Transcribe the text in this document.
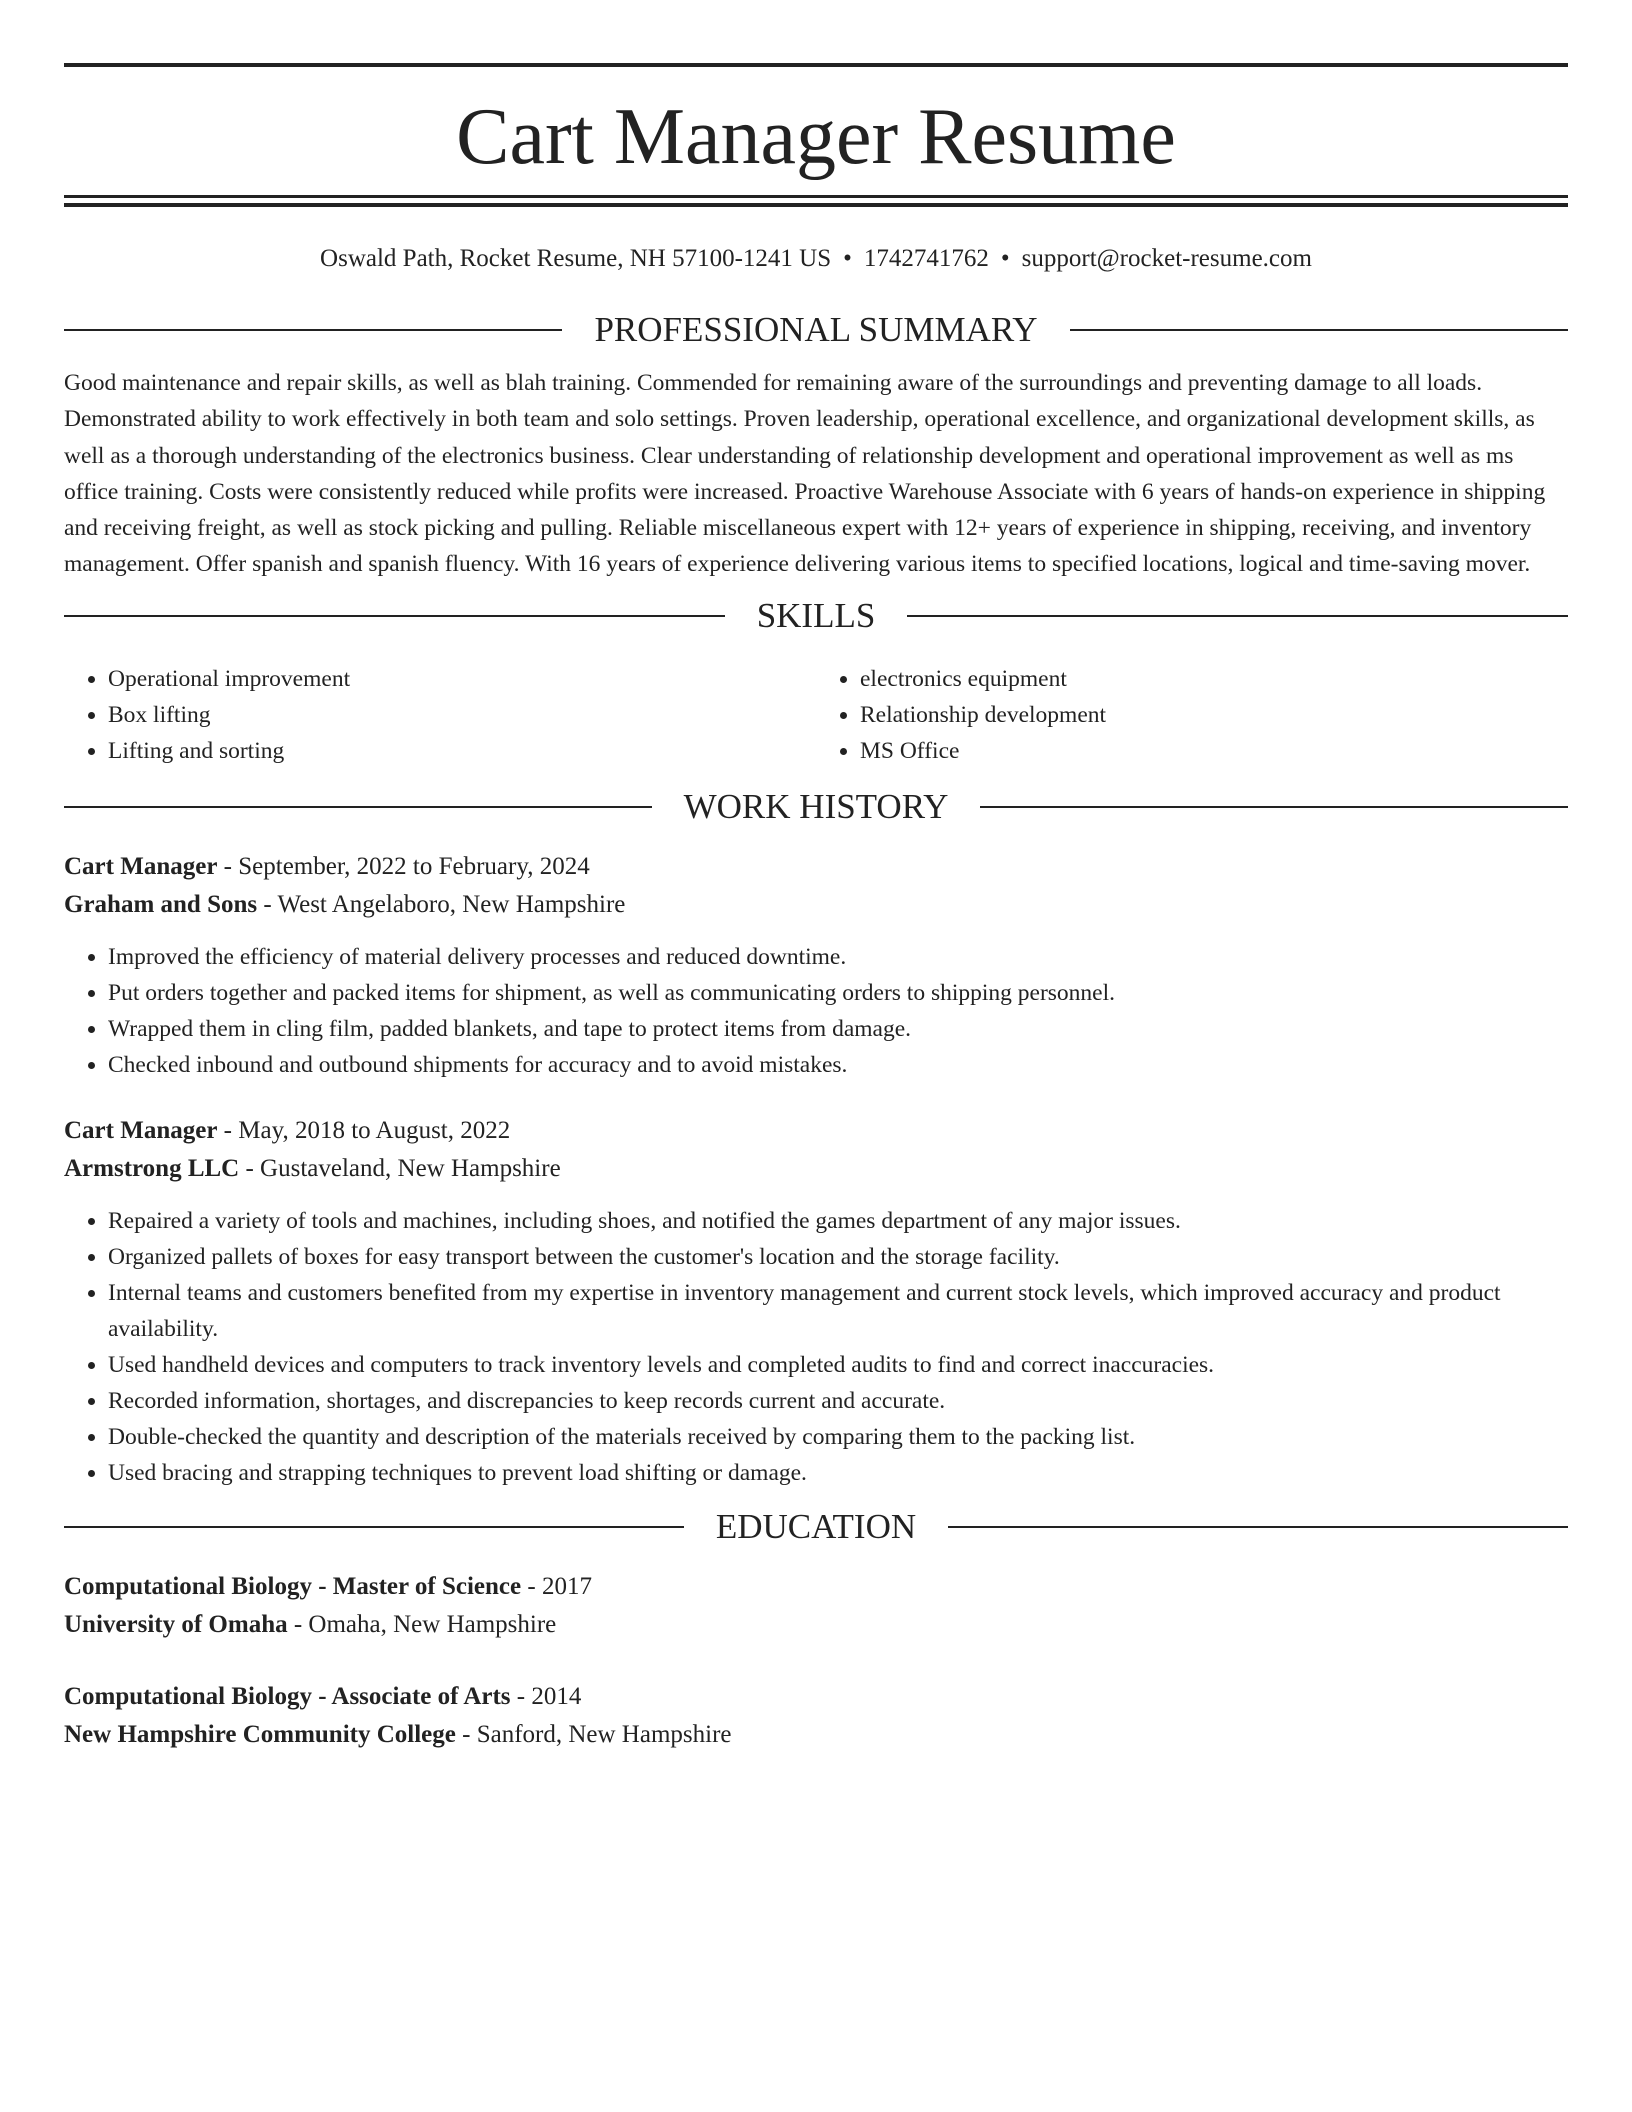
Cart Manager Resume
Oswald Path, Rocket Resume, NH 57100-1241 US • 1742741762 • support@rocket-resume.com
PROFESSIONAL SUMMARY

Good maintenance and repair skills, as well as blah training. Commended for remaining aware of the surroundings and preventing damage to all loads. Demonstrated ability to work effectively in both team and solo settings. Proven leadership, operational excellence, and organizational development skills, as well as a thorough understanding of the electronics business. Clear understanding of relationship development and operational improvement as well as ms office training. Costs were consistently reduced while profits were increased. Proactive Warehouse Associate with 6 years of hands-on experience in shipping and receiving freight, as well as stock picking and pulling. Reliable miscellaneous expert with 12+ years of experience in shipping, receiving, and inventory management. Offer spanish and spanish fluency. With 16 years of experience delivering various items to specified locations, logical and time-saving mover.

SKILLS
• Operational improvement
• Box lifting
• Lifting and sorting
• electronics equipment
• Relationship development
• MS Office
WORK HISTORY
Cart Manager - September, 2022 to February, 2024
Graham and Sons - West Angelaboro, New Hampshire
• Improved the efficiency of material delivery processes and reduced downtime.
• Put orders together and packed items for shipment, as well as communicating orders to shipping personnel.
• Wrapped them in cling film, padded blankets, and tape to protect items from damage.
• Checked inbound and outbound shipments for accuracy and to avoid mistakes.
Cart Manager - May, 2018 to August, 2022
Armstrong LLC - Gustaveland, New Hampshire
• Repaired a variety of tools and machines, including shoes, and notified the games department of any major issues.
• Organized pallets of boxes for easy transport between the customer's location and the storage facility.
• Internal teams and customers benefited from my expertise in inventory management and current stock levels, which improved accuracy and product availability.
• Used handheld devices and computers to track inventory levels and completed audits to find and correct inaccuracies.
• Recorded information, shortages, and discrepancies to keep records current and accurate.
• Double-checked the quantity and description of the materials received by comparing them to the packing list.
• Used bracing and strapping techniques to prevent load shifting or damage.
EDUCATION
Computational Biology - Master of Science - 2017
University of Omaha - Omaha, New Hampshire
Computational Biology - Associate of Arts - 2014
New Hampshire Community College - Sanford, New Hampshire
